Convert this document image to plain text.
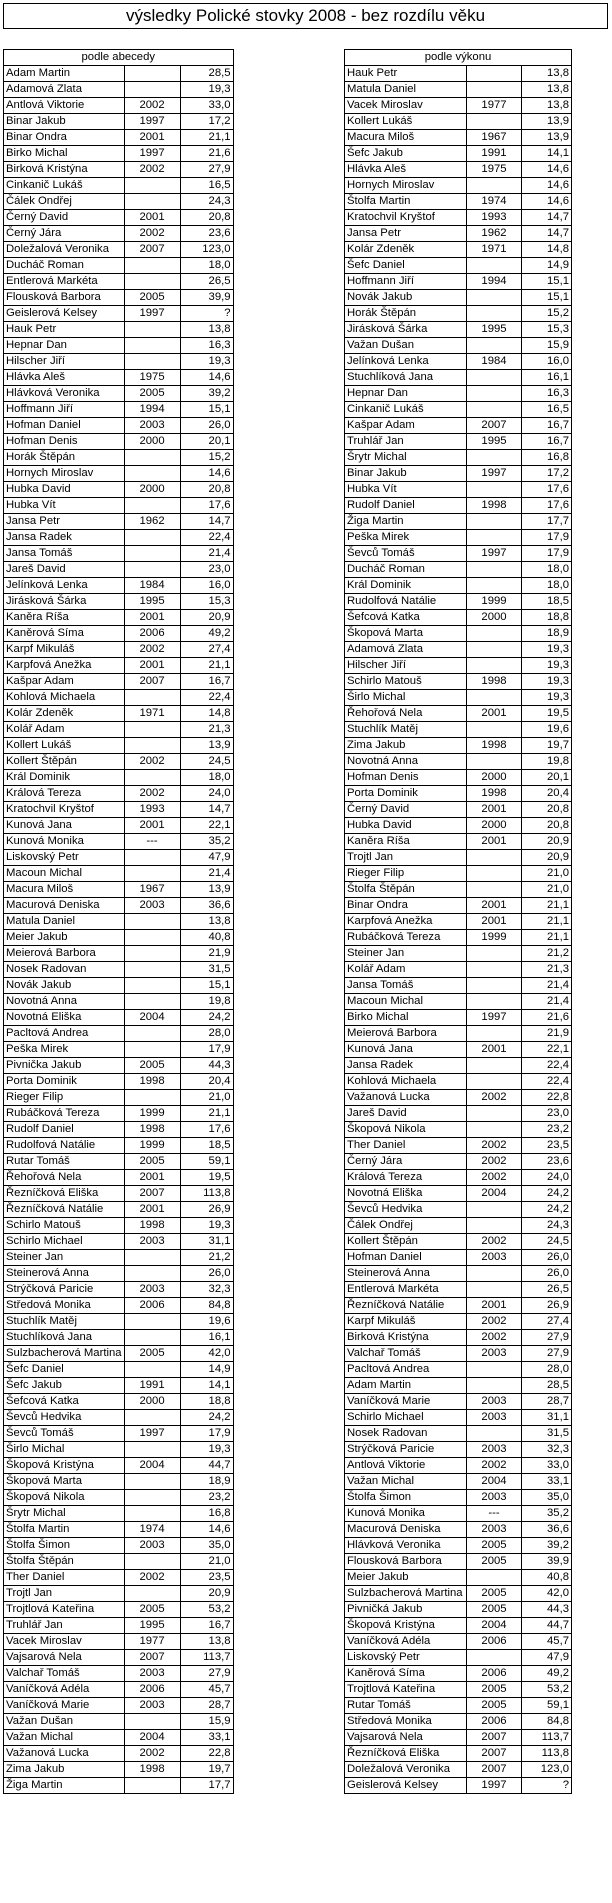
výsledky Polické stovky 2008 - bez rozdílu věku
podle abecedy		
Adam Martin		28,5
Adamová Zlata		19,3
Antlová Viktorie	2002	33,0
Binar Jakub	1997	17,2
Binar Ondra	2001	21,1
Birko Michal	1997	21,6
Birková Kristýna	2002	27,9
Cinkanič Lukáš		16,5
Čálek Ondřej		24,3
Černý David	2001	20,8
Černý Jára	2002	23,6
Doležalová Veronika	2007	123,0
Ducháč Roman		18,0
Entlerová Markéta		26,5
Flousková Barbora	2005	39,9
Geislerová Kelsey	1997	?
Hauk Petr		13,8
Hepnar Dan		16,3
Hilscher Jiří		19,3
Hlávka Aleš	1975	14,6
Hlávková Veronika	2005	39,2
Hoffmann Jiří	1994	15,1
Hofman Daniel	2003	26,0
Hofman Denis	2000	20,1
Horák Štěpán		15,2
Hornych Miroslav		14,6
Hubka David	2000	20,8
Hubka Vít		17,6
Jansa Petr	1962	14,7
Jansa Radek		22,4
Jansa Tomáš		21,4
Jareš David		23,0
Jelínková Lenka	1984	16,0
Jirásková Šárka	1995	15,3
Kaněra Ríša	2001	20,9
Kaněrová Síma	2006	49,2
Karpf Mikuláš	2002	27,4
Karpfová Anežka	2001	21,1
Kašpar Adam	2007	16,7
Kohlová Michaela		22,4
Kolár Zdeněk	1971	14,8
Kolář Adam		21,3
Kollert Lukáš		13,9
Kollert Štěpán	2002	24,5
Král Dominik		18,0
Králová Tereza	2002	24,0
Kratochvil Kryštof	1993	14,7
Kunová Jana	2001	22,1
Kunová Monika	---	35,2
Liskovský Petr		47,9
Macoun Michal		21,4
Macura Miloš	1967	13,9
Macurová Deniska	2003	36,6
Matula Daniel		13,8
Meier Jakub		40,8
Meierová Barbora		21,9
Nosek Radovan		31,5
Novák Jakub		15,1
Novotná Anna		19,8
Novotná Eliška	2004	24,2
Pacltová Andrea		28,0
Peška Mirek		17,9
Pivnička Jakub	2005	44,3
Porta Dominik	1998	20,4
Rieger Filip		21,0
Rubáčková Tereza	1999	21,1
Rudolf Daniel	1998	17,6
Rudolfová Natálie	1999	18,5
Rutar Tomáš	2005	59,1
Řehořová Nela	2001	19,5
Řezníčková Eliška	2007	113,8
Řezníčková Natálie	2001	26,9
Schirlo Matouš	1998	19,3
Schirlo Michael	2003	31,1
Steiner Jan		21,2
Steinerová Anna		26,0
Strýčková Paricie	2003	32,3
Středová Monika	2006	84,8
Stuchlík Matěj		19,6
Stuchlíková Jana		16,1
Sulzbacherová Martina	2005	42,0
Šefc Daniel		14,9
Šefc Jakub	1991	14,1
Šefcová Katka	2000	18,8
Ševců Hedvika		24,2
Ševců Tomáš	1997	17,9
Širlo Michal		19,3
Škopová Kristýna	2004	44,7
Škopová Marta		18,9
Škopová Nikola		23,2
Šrytr Michal		16,8
Štolfa Martin	1974	14,6
Štolfa Šimon	2003	35,0
Štolfa Štěpán		21,0
Ther Daniel	2002	23,5
Trojtl Jan		20,9
Trojtlová Kateřina	2005	53,2
Truhlář Jan	1995	16,7
Vacek Miroslav	1977	13,8
Vajsarová Nela	2007	113,7
Valchař Tomáš	2003	27,9
Vaníčková Adéla	2006	45,7
Vaníčková Marie	2003	28,7
Važan Dušan		15,9
Važan Michal	2004	33,1
Važanová Lucka	2002	22,8
Zima Jakub	1998	19,7
Žiga Martin		17,7
podle výkonu		
Hauk Petr		13,8
Matula Daniel		13,8
Vacek Miroslav	1977	13,8
Kollert Lukáš		13,9
Macura Miloš	1967	13,9
Šefc Jakub	1991	14,1
Hlávka Aleš	1975	14,6
Hornych Miroslav		14,6
Štolfa Martin	1974	14,6
Kratochvil Kryštof	1993	14,7
Jansa Petr	1962	14,7
Kolár Zdeněk	1971	14,8
Šefc Daniel		14,9
Hoffmann Jiří	1994	15,1
Novák Jakub		15,1
Horák Štěpán		15,2
Jirásková Šárka	1995	15,3
Važan Dušan		15,9
Jelínková Lenka	1984	16,0
Stuchlíková Jana		16,1
Hepnar Dan		16,3
Cinkanič Lukáš		16,5
Kašpar Adam	2007	16,7
Truhlář Jan	1995	16,7
Šrytr Michal		16,8
Binar Jakub	1997	17,2
Hubka Vít		17,6
Rudolf Daniel	1998	17,6
Žiga Martin		17,7
Peška Mirek		17,9
Ševců Tomáš	1997	17,9
Ducháč Roman		18,0
Král Dominik		18,0
Rudolfová Natálie	1999	18,5
Šefcová Katka	2000	18,8
Škopová Marta		18,9
Adamová Zlata		19,3
Hilscher Jiří		19,3
Schirlo Matouš	1998	19,3
Širlo Michal		19,3
Řehořová Nela	2001	19,5
Stuchlík Matěj		19,6
Zima Jakub	1998	19,7
Novotná Anna		19,8
Hofman Denis	2000	20,1
Porta Dominik	1998	20,4
Černý David	2001	20,8
Hubka David	2000	20,8
Kaněra Ríša	2001	20,9
Trojtl Jan		20,9
Rieger Filip		21,0
Štolfa Štěpán		21,0
Binar Ondra	2001	21,1
Karpfová Anežka	2001	21,1
Rubáčková Tereza	1999	21,1
Steiner Jan		21,2
Kolář Adam		21,3
Jansa Tomáš		21,4
Macoun Michal		21,4
Birko Michal	1997	21,6
Meierová Barbora		21,9
Kunová Jana	2001	22,1
Jansa Radek		22,4
Kohlová Michaela		22,4
Važanová Lucka	2002	22,8
Jareš David		23,0
Škopová Nikola		23,2
Ther Daniel	2002	23,5
Černý Jára	2002	23,6
Králová Tereza	2002	24,0
Novotná Eliška	2004	24,2
Ševců Hedvika		24,2
Čálek Ondřej		24,3
Kollert Štěpán	2002	24,5
Hofman Daniel	2003	26,0
Steinerová Anna		26,0
Entlerová Markéta		26,5
Řezníčková Natálie	2001	26,9
Karpf Mikuláš	2002	27,4
Birková Kristýna	2002	27,9
Valchař Tomáš	2003	27,9
Pacltová Andrea		28,0
Adam Martin		28,5
Vaníčková Marie	2003	28,7
Schirlo Michael	2003	31,1
Nosek Radovan		31,5
Strýčková Paricie	2003	32,3
Antlová Viktorie	2002	33,0
Važan Michal	2004	33,1
Štolfa Šimon	2003	35,0
Kunová Monika	---	35,2
Macurová Deniska	2003	36,6
Hlávková Veronika	2005	39,2
Flousková Barbora	2005	39,9
Meier Jakub		40,8
Sulzbacherová Martina	2005	42,0
Pivničká Jakub	2005	44,3
Škopová Kristýna	2004	44,7
Vaníčková Adéla	2006	45,7
Liskovský Petr		47,9
Kaněrová Síma	2006	49,2
Trojtlová Kateřina	2005	53,2
Rutar Tomáš	2005	59,1
Středová Monika	2006	84,8
Vajsarová Nela	2007	113,7
Řezníčková Eliška	2007	113,8
Doležalová Veronika	2007	123,0
Geislerová Kelsey	1997	?
